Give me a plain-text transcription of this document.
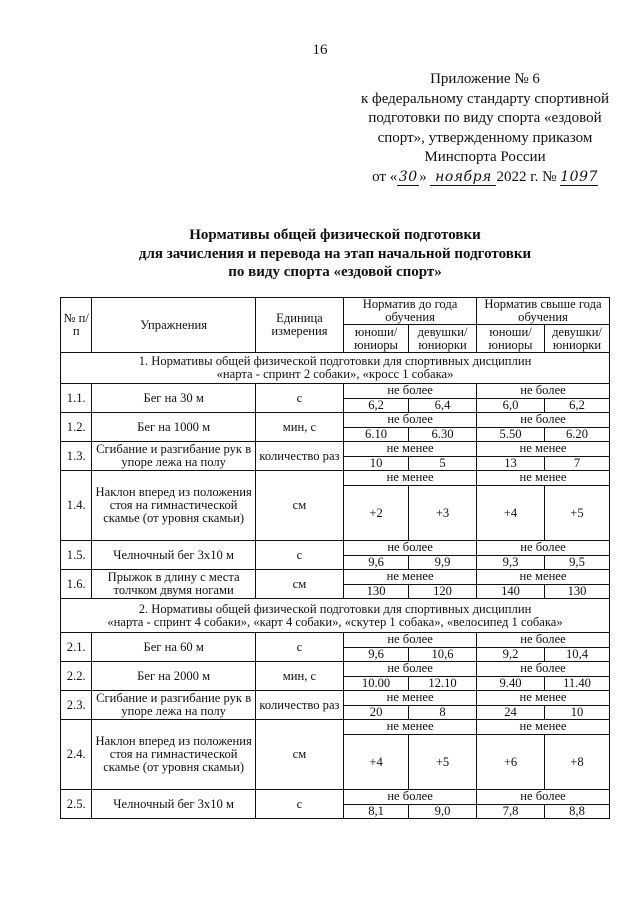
16
Приложение № 6
к федеральному стандарту спортивной
подготовки по виду спорта «ездовой
спорт», утвержденному приказом
Минспорта России
от « 30 » ноября 2022 г. № 1097
Нормативы общей физической подготовки
для зачисления и перевода на этап начальной подготовки
по виду спорта «ездовой спорт»
№ п/п	Упражнения	Единица измерения	Норматив до года обучения		Норматив свыше года обучения	
			юноши/ юниоры	девушки/ юниорки	юноши/ юниоры	девушки/ юниорки

1. Нормативы общей физической подготовки для спортивных дисциплин
«нарта - спринт 2 собаки», «кросс 1 собака»						

1.1.	Бег на 30 м	с	не более		не более	
			6,2	6,4	6,0	6,2
1.2.	Бег на 1000 м	мин, с	не более		не более	
			6.10	6.30	5.50	6.20
1.3.	Сгибание и разгибание рук в упоре лежа на полу	количество раз	не менее		не менее	
			10	5	13	7
1.4.	Наклон вперед из положения стоя на гимнастической скамье (от уровня скамьи)	см	не менее		не менее	
			+2	+3	+4	+5
1.5.	Челночный бег 3х10 м	с	не более		не более	
			9,6	9,9	9,3	9,5
1.6.	Прыжок в длину с места толчком двумя ногами	см	не менее		не менее	
			130	120	140	130

2. Нормативы общей физической подготовки для спортивных дисциплин
«нарта - спринт 4 собаки», «карт 4 собаки», «скутер 1 собака», «велосипед 1 собака»						

2.1.	Бег на 60 м	с	не более		не более	
			9,6	10,6	9,2	10,4
2.2.	Бег на 2000 м	мин, с	не более		не более	
			10.00	12.10	9.40	11.40
2.3.	Сгибание и разгибание рук в упоре лежа на полу	количество раз	не менее		не менее	
			20	8	24	10
2.4.	Наклон вперед из положения стоя на гимнастической скамье (от уровня скамьи)	см	не менее		не менее	
			+4	+5	+6	+8
2.5.	Челночный бег 3х10 м	с	не более		не более	
			8,1	9,0	7,8	8,8
